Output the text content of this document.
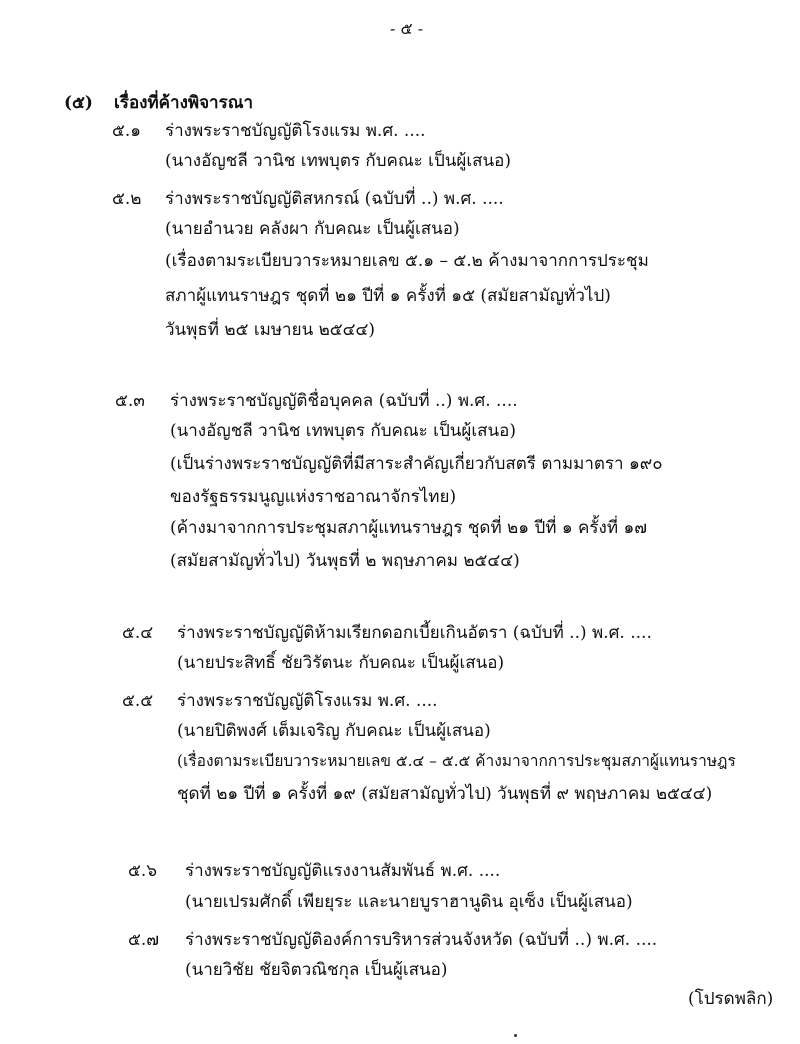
- ๕ -
(๕) เรื่องที่ค้างพิจารณา
๕.๑ ร่างพระราชบัญญัติโรงแรม พ.ศ. ....
(นางอัญชลี วานิช เทพบุตร กับคณะ เป็นผู้เสนอ)
๕.๒ ร่างพระราชบัญญัติสหกรณ์ (ฉบับที่ ..) พ.ศ. ....
(นายอำนวย คลังผา กับคณะ เป็นผู้เสนอ)
(เรื่องตามระเบียบวาระหมายเลข ๕.๑ – ๕.๒ ค้างมาจากการประชุม
สภาผู้แทนราษฎร ชุดที่ ๒๑ ปีที่ ๑ ครั้งที่ ๑๕ (สมัยสามัญทั่วไป)
วันพุธที่ ๒๕ เมษายน ๒๕๔๔)
๕.๓ ร่างพระราชบัญญัติชื่อบุคคล (ฉบับที่ ..) พ.ศ. ....
(นางอัญชลี วานิช เทพบุตร กับคณะ เป็นผู้เสนอ)
(เป็นร่างพระราชบัญญัติที่มีสาระสำคัญเกี่ยวกับสตรี ตามมาตรา ๑๙๐
ของรัฐธรรมนูญแห่งราชอาณาจักรไทย)
(ค้างมาจากการประชุมสภาผู้แทนราษฎร ชุดที่ ๒๑ ปีที่ ๑ ครั้งที่ ๑๗
(สมัยสามัญทั่วไป) วันพุธที่ ๒ พฤษภาคม ๒๕๔๔)
๕.๔ ร่างพระราชบัญญัติห้ามเรียกดอกเบี้ยเกินอัตรา (ฉบับที่ ..) พ.ศ. ....
(นายประสิทธิ์ ชัยวิรัตนะ กับคณะ เป็นผู้เสนอ)
๕.๕ ร่างพระราชบัญญัติโรงแรม พ.ศ. ....
(นายปิติพงศ์ เต็มเจริญ กับคณะ เป็นผู้เสนอ)
(เรื่องตามระเบียบวาระหมายเลข ๕.๔ – ๕.๕ ค้างมาจากการประชุมสภาผู้แทนราษฎร
ชุดที่ ๒๑ ปีที่ ๑ ครั้งที่ ๑๙ (สมัยสามัญทั่วไป) วันพุธที่ ๙ พฤษภาคม ๒๕๔๔)
๕.๖ ร่างพระราชบัญญัติแรงงานสัมพันธ์ พ.ศ. ....
(นายเปรมศักดิ์ เพียยุระ และนายบูราฮานูดิน อุเซ็ง เป็นผู้เสนอ)
๕.๗ ร่างพระราชบัญญัติองค์การบริหารส่วนจังหวัด (ฉบับที่ ..) พ.ศ. ....
(นายวิชัย ชัยจิตวณิชกุล เป็นผู้เสนอ)
(โปรดพลิก)
